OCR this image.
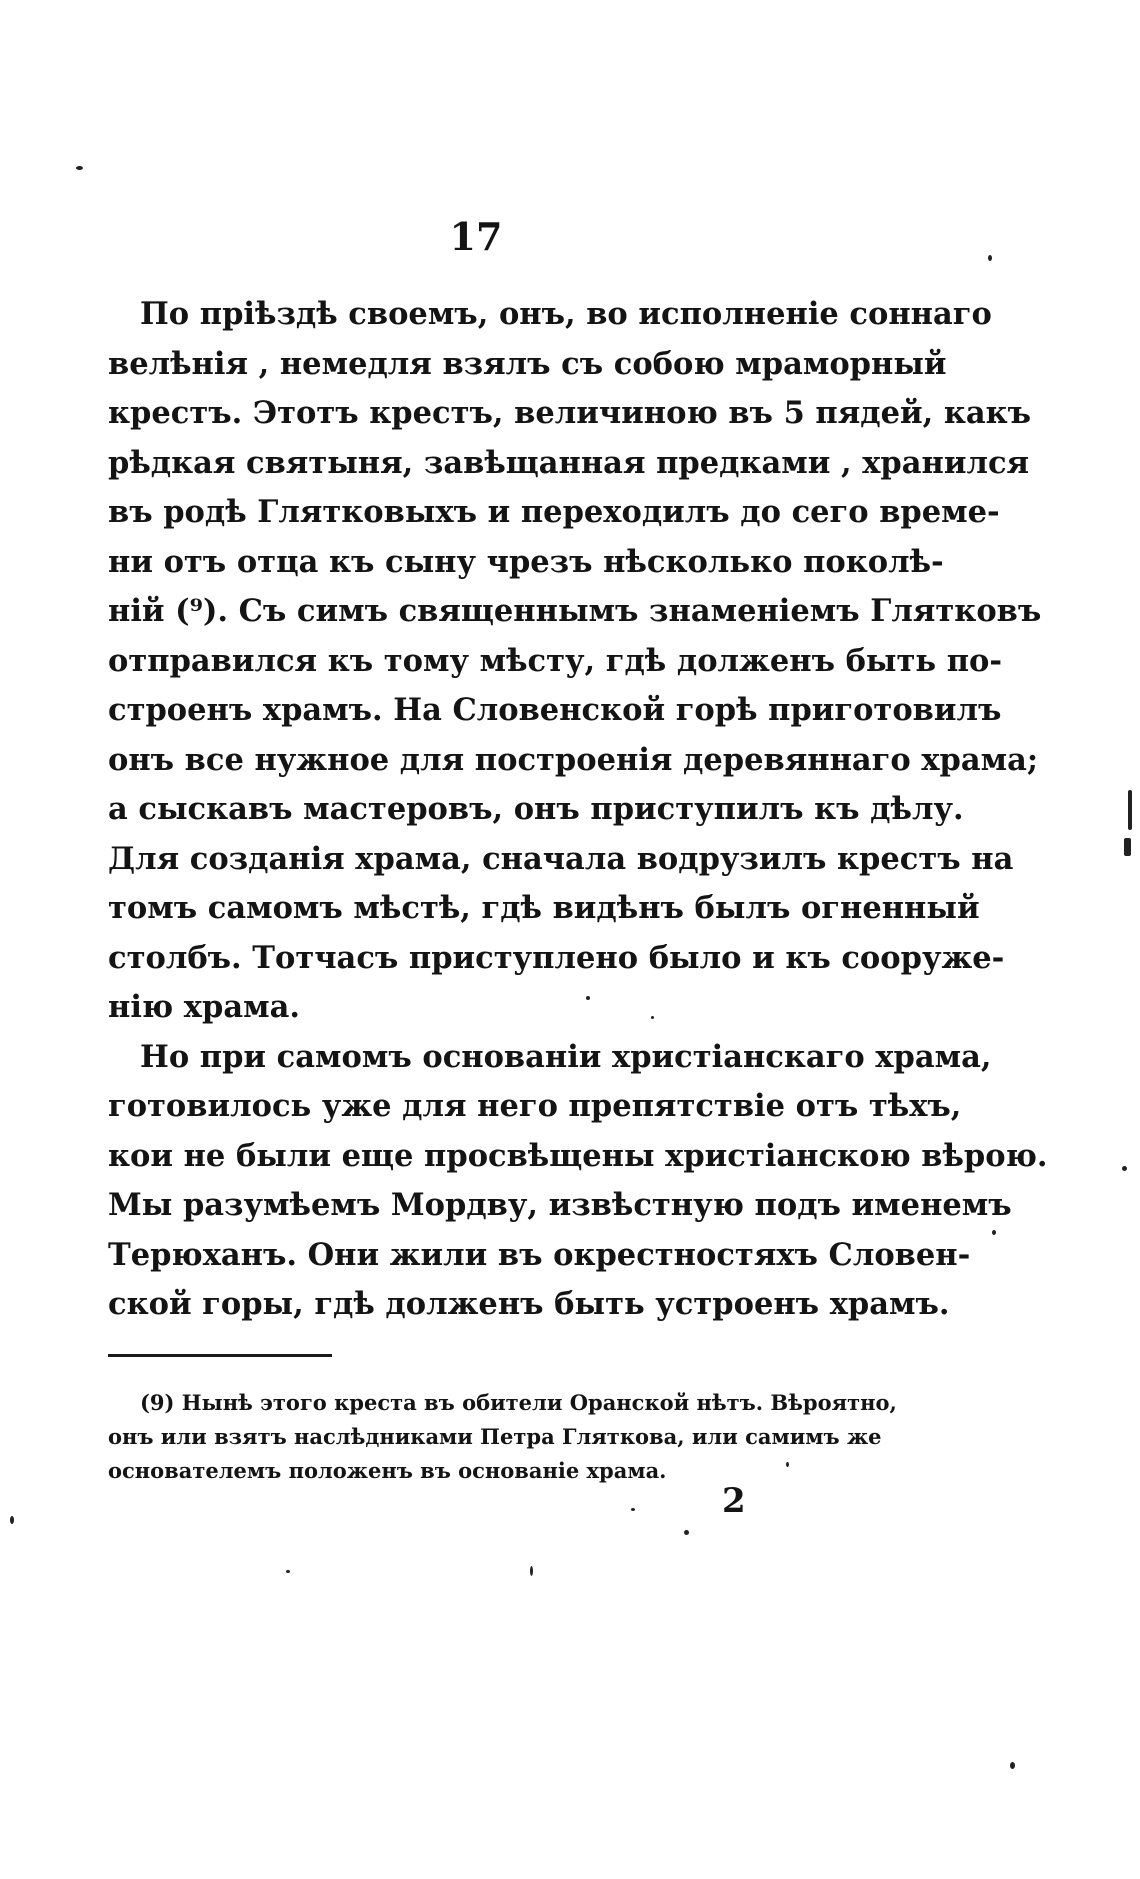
17
По пріѣздѣ своемъ, онъ, во исполненіе соннаго
велѣнія , немедля взялъ съ собою мраморный
крестъ. Этотъ крестъ, величиною въ 5 пядей, какъ
рѣдкая святыня, завѣщанная предками , хранился
въ родѣ Глятковыхъ и переходилъ до сего време-
ни отъ отца къ сыну чрезъ нѣсколько поколѣ-
ній (⁹). Съ симъ священнымъ знаменіемъ Глятковъ
отправился къ тому мѣсту, гдѣ долженъ быть по-
строенъ храмъ. На Словенской горѣ приготовилъ
онъ все нужное для построенія деревяннаго храма;
а сыскавъ мастеровъ, онъ приступилъ къ дѣлу.
Для созданія храма, сначала водрузилъ крестъ на
томъ самомъ мѣстѣ, гдѣ видѣнъ былъ огненный
столбъ. Тотчасъ приступлено было и къ сооруже-
нію храма.
Но при самомъ основаніи христіанскаго храма,
готовилось уже для него препятствіе отъ тѣхъ,
кои не были еще просвѣщены христіанскою вѣрою.
Мы разумѣемъ Мордву, извѣстную подъ именемъ
Терюханъ. Они жили въ окрестностяхъ Словен-
ской горы, гдѣ долженъ быть устроенъ храмъ.
(9) Нынѣ этого креста въ обители Оранской нѣтъ. Вѣроятно,
онъ или взятъ наслѣдниками Петра Гляткова, или самимъ же
основателемъ положенъ въ основаніе храма.
2
